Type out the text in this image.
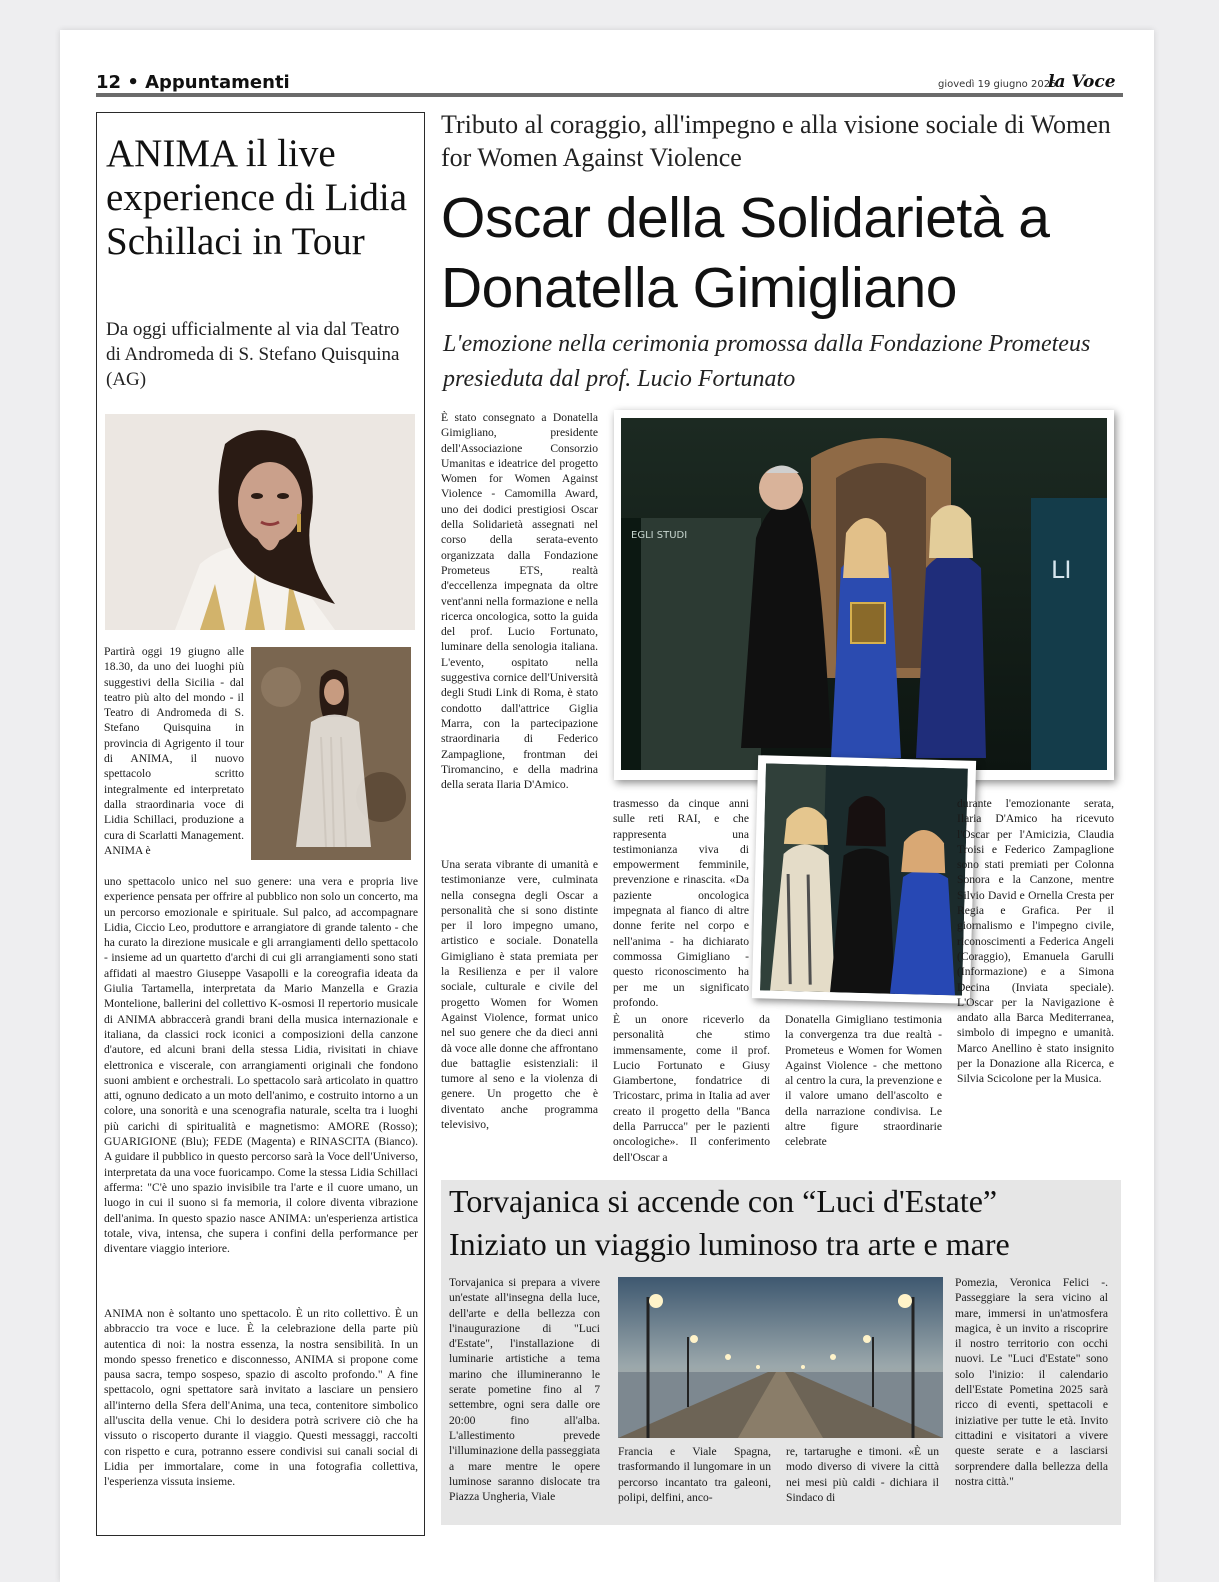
12 • Appuntamenti	giovedì 19 giugno 2025
la Voce
ANIMA il live experience di Lidia Schillaci in Tour

Da oggi ufficialmente al via dal Teatro di Andromeda di S. Stefano Quisquina (AG)

Partirà oggi 19 giugno alle 18.30, da uno dei luoghi più suggestivi della Sicilia - dal teatro più alto del mondo - il Teatro di Andromeda di S. Stefano Quisquina in provincia di Agrigento il tour di ANIMA, il nuovo spettacolo scritto integralmente ed interpretato dalla straordinaria voce di Lidia Schillaci, produzione a cura di Scarlatti Management. ANIMA è

uno spettacolo unico nel suo genere: una vera e propria live experience pensata per offrire al pubblico non solo un concerto, ma un percorso emozionale e spirituale. Sul palco, ad accompagnare Lidia, Ciccio Leo, produttore e arrangiatore di grande talento - che ha curato la direzione musicale e gli arrangiamenti dello spettacolo - insieme ad un quartetto d'archi di cui gli arrangiamenti sono stati affidati al maestro Giuseppe Vasapolli e la coreografia ideata da Giulia Tartamella, interpretata da Mario Manzella e Grazia Montelione, ballerini del collettivo K-osmosi Il repertorio musicale di ANIMA abbraccerà grandi brani della musica internazionale e italiana, da classici rock iconici a composizioni della canzone d'autore, ed alcuni brani della stessa Lidia, rivisitati in chiave elettronica e viscerale, con arrangiamenti originali che fondono suoni ambient e orchestrali. Lo spettacolo sarà articolato in quattro atti, ognuno dedicato a un moto dell'animo, e costruito intorno a un colore, una sonorità e una scenografia naturale, scelta tra i luoghi più carichi di spiritualità e magnetismo: AMORE (Rosso); GUARIGIONE (Blu); FEDE (Magenta) e RINASCITA (Bianco). A guidare il pubblico in questo percorso sarà la Voce dell'Universo, interpretata da una voce fuoricampo. Come la stessa Lidia Schillaci afferma: "C'è uno spazio invisibile tra l'arte e il cuore umano, un luogo in cui il suono si fa memoria, il colore diventa vibrazione dell'anima. In questo spazio nasce ANIMA: un'esperienza artistica totale, viva, intensa, che supera i confini della performance per diventare viaggio interiore.

ANIMA non è soltanto uno spettacolo. È un rito collettivo. È un abbraccio tra voce e luce. È la celebrazione della parte più autentica di noi: la nostra essenza, la nostra sensibilità. In un mondo spesso frenetico e disconnesso, ANIMA si propone come pausa sacra, tempo sospeso, spazio di ascolto profondo." A fine spettacolo, ogni spettatore sarà invitato a lasciare un pensiero all'interno della Sfera dell'Anima, una teca, contenitore simbolico all'uscita della venue. Chi lo desidera potrà scrivere ciò che ha vissuto o riscoperto durante il viaggio. Questi messaggi, raccolti con rispetto e cura, potranno essere condivisi sui canali social di Lidia per immortalare, come in una fotografia collettiva, l'esperienza vissuta insieme.

Tributo al coraggio, all'impegno e alla visione sociale di Women for Women Against Violence

Oscar della Solidarietà a Donatella Gimigliano

L'emozione nella cerimonia promossa dalla Fondazione Prometeus presieduta dal prof. Lucio Fortunato

EGLI STUDI
LI

È stato consegnato a Donatella Gimigliano, presidente dell'Associazione Consorzio Umanitas e ideatrice del progetto Women for Women Against Violence - Camomilla Award, uno dei dodici prestigiosi Oscar della Solidarietà assegnati nel corso della serata-evento organizzata dalla Fondazione Prometeus ETS, realtà d'eccellenza impegnata da oltre vent'anni nella formazione e nella ricerca oncologica, sotto la guida del prof. Lucio Fortunato, luminare della senologia italiana. L'evento, ospitato nella suggestiva cornice dell'Università degli Studi Link di Roma, è stato condotto dall'attrice Giglia Marra, con la partecipazione straordinaria di Federico Zampaglione, frontman dei Tiromancino, e della madrina della serata Ilaria D'Amico.

Una serata vibrante di umanità e testimonianze vere, culminata nella consegna degli Oscar a personalità che si sono distinte per il loro impegno umano, artistico e sociale. Donatella Gimigliano è stata premiata per la Resilienza e per il valore sociale, culturale e civile del progetto Women for Women Against Violence, format unico nel suo genere che da dieci anni dà voce alle donne che affrontano due battaglie esistenziali: il tumore al seno e la violenza di genere. Un progetto che è diventato anche programma televisivo,

trasmesso da cinque anni sulle reti RAI, e che rappresenta una testimonianza viva di empowerment femminile, prevenzione e rinascita. «Da paziente oncologica impegnata al fianco di altre donne ferite nel corpo e nell'anima - ha dichiarato commossa Gimigliano - questo riconoscimento ha per me un significato profondo.

È un onore riceverlo da personalità che stimo immensamente, come il prof. Lucio Fortunato e Giusy Giambertone, fondatrice di Tricostarc, prima in Italia ad aver creato il progetto della "Banca della Parrucca" per le pazienti oncologiche». Il conferimento dell'Oscar a

Donatella Gimigliano testimonia la convergenza tra due realtà - Prometeus e Women for Women Against Violence - che mettono al centro la cura, la prevenzione e il valore umano dell'ascolto e della narrazione condivisa. Le altre figure straordinarie celebrate

durante l'emozionante serata, Ilaria D'Amico ha ricevuto l'Oscar per l'Amicizia, Claudia Troisi e Federico Zampaglione sono stati premiati per Colonna Sonora e la Canzone, mentre Silvio David e Ornella Cresta per Regia e Grafica. Per il giornalismo e l'impegno civile, riconoscimenti a Federica Angeli (Coraggio), Emanuela Garulli (Informazione) e a Simona Decina (Inviata speciale). L'Oscar per la Navigazione è andato alla Barca Mediterranea, simbolo di impegno e umanità. Marco Anellino è stato insignito per la Donazione alla Ricerca, e Silvia Scicolone per la Musica.

Torvajanica si accende con “Luci d'Estate”
Iniziato un viaggio luminoso tra arte e mare

Torvajanica si prepara a vivere un'estate all'insegna della luce, dell'arte e della bellezza con l'inaugurazione di "Luci d'Estate", l'installazione di luminarie artistiche a tema marino che illumineranno le serate pometine fino al 7 settembre, ogni sera dalle ore 20:00 fino all'alba. L'allestimento prevede l'illuminazione della passeggiata a mare mentre le opere luminose saranno dislocate tra Piazza Ungheria, Viale

Francia e Viale Spagna, trasformando il lungomare in un percorso incantato tra galeoni, polipi, delfini, anco-

re, tartarughe e timoni. «È un modo diverso di vivere la città nei mesi più caldi - dichiara il Sindaco di

Pomezia, Veronica Felici -. Passeggiare la sera vicino al mare, immersi in un'atmosfera magica, è un invito a riscoprire il nostro territorio con occhi nuovi. Le "Luci d'Estate" sono solo l'inizio: il calendario dell'Estate Pometina 2025 sarà ricco di eventi, spettacoli e iniziative per tutte le età. Invito cittadini e visitatori a vivere queste serate e a lasciarsi sorprendere dalla bellezza della nostra città."
